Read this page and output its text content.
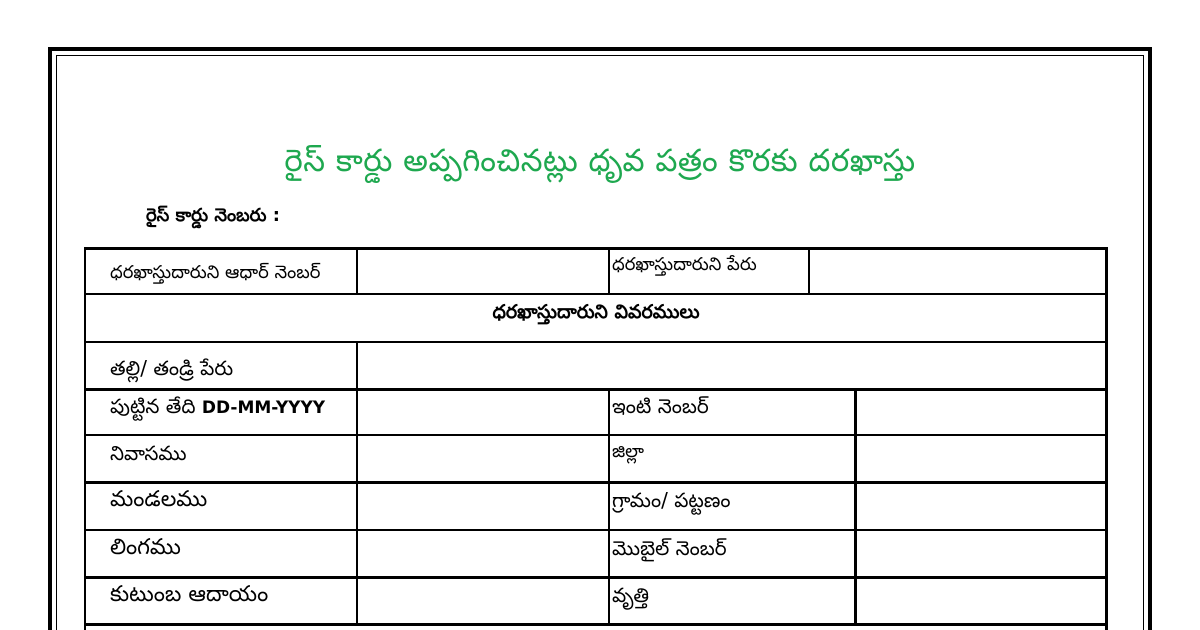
రైస్ కార్డు అప్పగించినట్లు ధృవ పత్రం కొరకు దరఖాస్తు
రైస్ కార్డు నెంబరు :
ధరఖాస్తుదారుని ఆధార్ నెంబర్	ధరఖాస్తుదారుని పేరు
ధరఖాస్తుదారుని వివరములు
తల్లి/ తండ్రి పేరు
పుట్టిన తేది DD-MM-YYYY	ఇంటి నెంబర్
నివాసము	జిల్లా
మండలము	గ్రామం/ పట్టణం
లింగము	మొబైల్ నెంబర్
కుటుంబ ఆదాయం	వృత్తి
